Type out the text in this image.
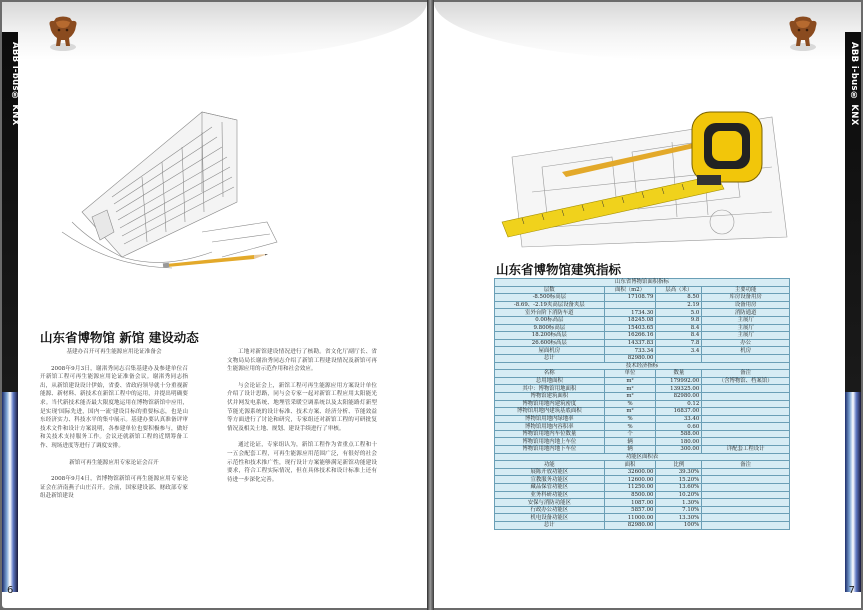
ABB i-bus® KNX
山东省博物馆 新馆 建设动态

基建办召开可再生能源应用论证准备会

2008年9月3日，谢渚秀同志召集基建办及参建单位召开新馆工程可再生能源应用论证准备会议。谢渚秀同志指出，从新馆建设设计伊始，省委、省政府领导就十分重视新能源、新材料、新技术在新馆工程中的运用，并提出明确要求。当代新技术能否最大限度地运用在博物馆新馆中应用，是实现'国际先进，国内一流'建设目标的重要标志，也是山东经济实力、科技水平的集中展示。基建办要认真准备评审技术文件和设计方案说明，各参建单位也要积极参与，做好和关技术支持服务工作。会议还就新馆工程的近期筹备工作、现场进度等进行了调度安排。

新馆可再生能源应用专家论证会召开

2008年9月4日，省博物馆新馆可再生能源应用专家论证会在济南燕子山庄召开。会前，国家建设部、财政部专家组赴新馆建设

工地对新馆建设情况进行了核勘。省文化厅副厅长、省文物局局长谢治秀同志介绍了新馆工程建设情况及新馆可再生能源应用的示范作用和社会效应。

与会论证会上，新馆工程可再生能源应用方案设计单位介绍了设计思路，同与会专家一起对新馆工程应用太阳能光伏并网发电系统、地埋管采暖空调系统以及太阳能路灯新型节能光源系统的设计标准、技术方案、经济分析、节能效益等方面进行了讨论和研究，专家组还对新馆工程的可研批复情况及相关土地、规划、建设手续进行了审核。

通过论证，专家组认为，新馆工程作为省重点工程和十一五会配套工程，可再生能源应用范围广泛，有很好的社会示范性和技术推广性，现行设计方案能够满足新馆功能建设要求，符合工程实际情况，但在具体技术和设计标准上还有待进一步深化完善。

6
ABB i-bus® KNX
山东省博物馆建筑指标
山东省博物馆面积指标			
层数	面积（m2）	层高（米）	主要功能
-8.500标高层	17108.79	8.50	库房设备用房
-8.69、-2.19夹高层设备夹层		2.19	设备用房
室外台阶下消防车道	1734.30	5.0	消防通道
0.00标高层	18245.08	9.8	主展厅
9.800标高层	15403.65	8.4	主展厅
18.200标高层	16266.16	8.4	主展厅
26.600标高层	14337.83	7.8	办公
屋面机房	733.34	3.4	机房
总计	82980.00		
技术经济指标			
名称	单位	数量	备注
总用地面积	m²	179992.00	（含博物馆、档案馆）
其中：博物馆用地面积	m²	139325.00	
博物馆建筑面积	m²	82980.00	
博物馆用地内建筑密度	%	0.12	
博物馆用地内建筑基底面积	m²	16837.00	
博物馆用地内绿地率	%	33.40	
博物馆用地内容积率	%	0.60	
博物馆用地内车位数量	个	588.00	
博物馆用地内地上车位	辆	180.00	
博物馆用地内地下车位	辆	300.00	详配套工程设计
功能区面积表			
功能	面积	比例	备注
展陈开放功能区	32600.00	39.30%	
宣教服务功能区	12600.00	15.20%	
藏品保管功能区	11250.00	13.60%	
业务科研功能区	8500.00	10.20%	
安保与消防功能区	1087.00	1.30%	
行政办公功能区	5857.00	7.10%	
机电设备功能区	11000.00	13.30%	
总计	82980.00	100%	
7
